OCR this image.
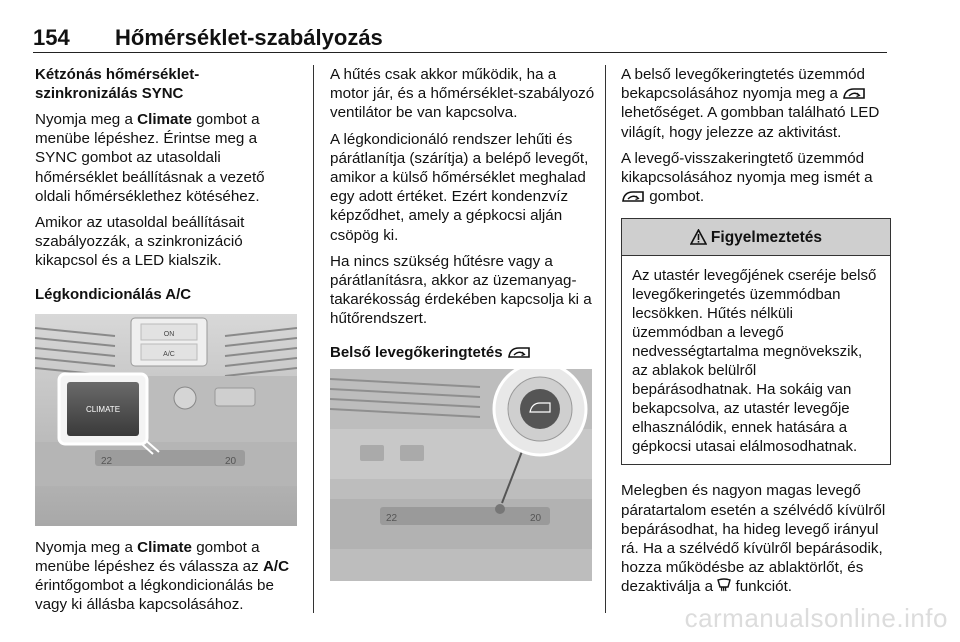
154 Hőmérséklet-szabályozás
Kétzónás hőmérséklet-szinkronizálás SYNC

Nyomja meg a Climate gombot a menübe lépéshez. Érintse meg a SYNC gombot az utasoldali hőmérséklet beállításnak a vezető oldali hőmérséklethez kötéséhez.

Amikor az utasoldal beállításait szabályozzák, a szinkronizáció kikapcsol és a LED kialszik.

Légkondicionálás A/C
ON
A/C
22	20
CLIMATE

Nyomja meg a Climate gombot a menübe lépéshez és válassza az A/C érintőgombot a légkondicionálás be vagy ki állásba kapcsolásához.

A hűtés csak akkor működik, ha a motor jár, és a hőmérséklet-szabályozó ventilátor be van kapcsolva.

A légkondicionáló rendszer lehűti és párátlanítja (szárítja) a belépő levegőt, amikor a külső hőmérséklet meghalad egy adott értéket. Ezért kondenzvíz képződhet, amely a gépkocsi alján csöpög ki.

Ha nincs szükség hűtésre vagy a párátlanításra, akkor az üzemanyag-takarékosság érdekében kapcsolja ki a hűtőrendszert.

Belső levegőkeringtetés
22	20

A belső levegőkeringtetés üzemmód bekapcsolásához nyomja meg a  lehetőséget. A gombban található LED világít, hogy jelezze az aktivitást.

A levegő-visszakeringtető üzemmód kikapcsolásához nyomja meg ismét a
gombot.

Figyelmeztetés
Az utastér levegőjének cseréje belső levegőkeringetés üzemmódban lecsökken. Hűtés nélküli üzemmódban a levegő nedvességtartalma megnövekszik, az ablakok belülről bepárásodhatnak. Ha sokáig van bekapcsolva, az utastér levegője elhasználódik, ennek hatására a gépkocsi utasai elálmosodhatnak.

Melegben és nagyon magas levegő páratartalom esetén a szélvédő kívülről bepárásodhat, ha hideg levegő irányul rá. Ha a szélvédő kívülről bepárásodik, hozza működésbe az ablaktörlőt, és dezaktiválja a  funkciót.

carmanualsonline.info
